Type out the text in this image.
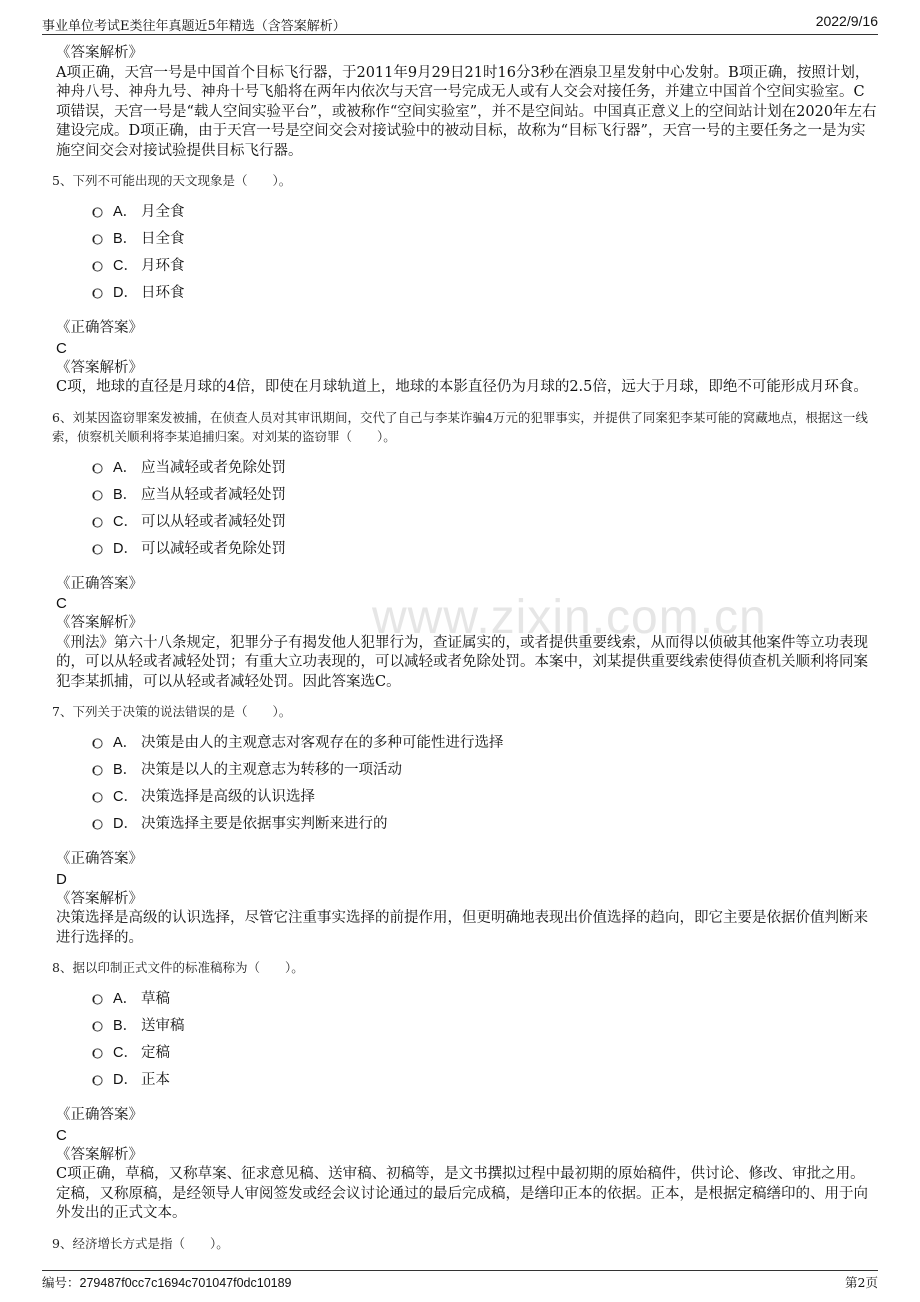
事业单位考试E类往年真题近5年精选（含答案解析）	2022/9/16
www.zixin.com.cn
《答案解析》
A项正确，天宫一号是中国首个目标飞行器，于2011年9月29日21时16分3秒在酒泉卫星发射中心发射。B项正确，按照计划，神舟八号、神舟九号、神舟十号飞船将在两年内依次与天宫一号完成无人或有人交会对接任务，并建立中国首个空间实验室。C项错误，天宫一号是“载人空间实验平台”，或被称作“空间实验室”，并不是空间站。中国真正意义上的空间站计划在2020年左右建设完成。D项正确，由于天宫一号是空间交会对接试验中的被动目标，故称为“目标飞行器”，天宫一号的主要任务之一是为实施空间交会对接试验提供目标飞行器。
5、下列不可能出现的天文现象是（　　）。
A． 月全食
B． 日全食
C． 月环食
D． 日环食
《正确答案》
C
《答案解析》
C项，地球的直径是月球的4倍，即使在月球轨道上，地球的本影直径仍为月球的2.5倍，远大于月球，即绝不可能形成月环食。
6、刘某因盗窃罪案发被捕，在侦查人员对其审讯期间，交代了自己与李某诈骗4万元的犯罪事实，并提供了同案犯李某可能的窝藏地点，根据这一线索，侦察机关顺利将李某追捕归案。对刘某的盗窃罪（　　）。
A． 应当减轻或者免除处罚
B． 应当从轻或者减轻处罚
C． 可以从轻或者减轻处罚
D． 可以减轻或者免除处罚
《正确答案》
C
《答案解析》
《刑法》第六十八条规定，犯罪分子有揭发他人犯罪行为，查证属实的，或者提供重要线索，从而得以侦破其他案件等立功表现的，可以从轻或者减轻处罚；有重大立功表现的，可以减轻或者免除处罚。本案中，刘某提供重要线索使得侦查机关顺利将同案犯李某抓捕，可以从轻或者减轻处罚。因此答案选C。
7、下列关于决策的说法错误的是（　　）。
A． 决策是由人的主观意志对客观存在的多种可能性进行选择
B． 决策是以人的主观意志为转移的一项活动
C． 决策选择是高级的认识选择
D． 决策选择主要是依据事实判断来进行的
《正确答案》
D
《答案解析》
决策选择是高级的认识选择，尽管它注重事实选择的前提作用，但更明确地表现出价值选择的趋向，即它主要是依据价值判断来进行选择的。
8、据以印制正式文件的标准稿称为（　　）。
A． 草稿
B． 送审稿
C． 定稿
D． 正本
《正确答案》
C
《答案解析》
C项正确，草稿，又称草案、征求意见稿、送审稿、初稿等，是文书撰拟过程中最初期的原始稿件，供讨论、修改、审批之用。定稿，又称原稿，是经领导人审阅签发或经会议讨论通过的最后完成稿，是缮印正本的依据。正本，是根据定稿缮印的、用于向外发出的正式文本。
9、经济增长方式是指（　　）。
编号：279487f0cc7c1694c701047f0dc10189	第2页
